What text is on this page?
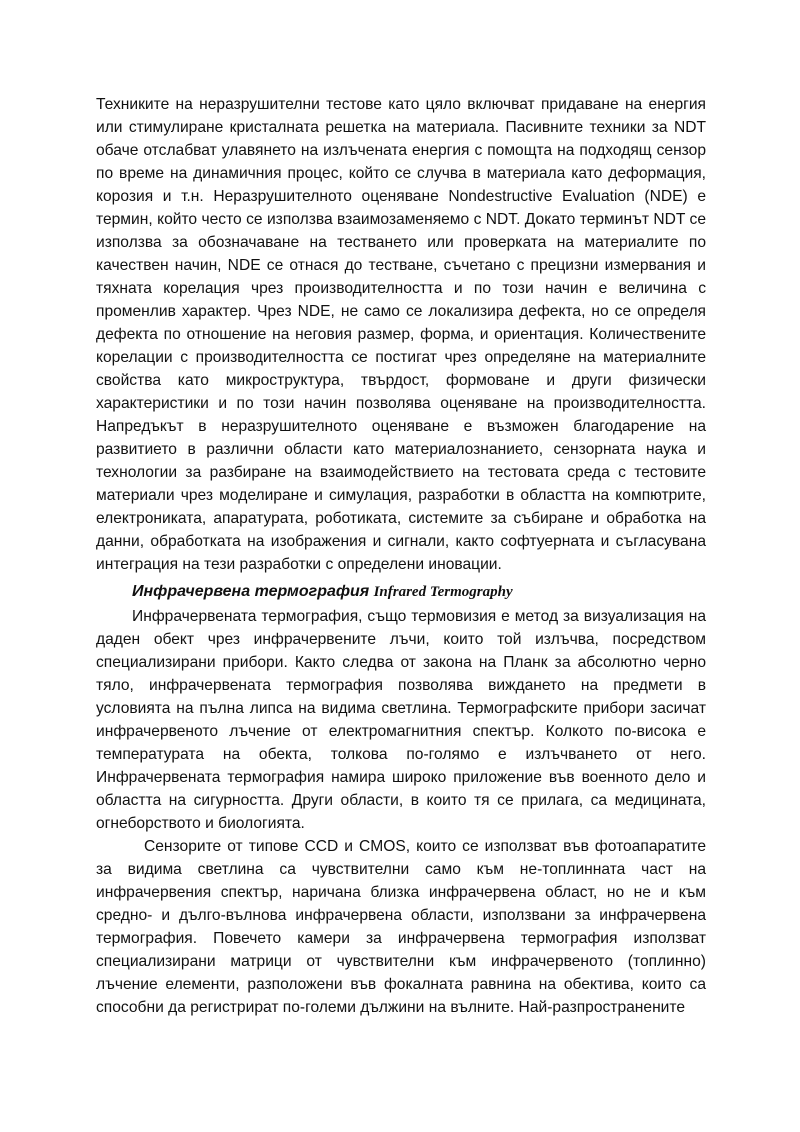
Техниките на неразрушителни тестове като цяло включват придаване на енергия или стимулиране кристалната решетка на материала. Пасивните техники за NDT обаче отслабват улавянето на излъчената енергия с помощта на подходящ сензор по време на динамичния процес, който се случва в материала като деформация, корозия и т.н. Неразрушителното оценяване Nondestructive Evaluation (NDE) е термин, който често се използва взаимозаменяемо с NDT. Докато терминът NDT се използва за обозначаване на тестването или проверката на материалите по качествен начин, NDE се отнася до тестване, съчетано с прецизни измервания и тяхната корелация чрез производителността и по този начин е величина с променлив характер. Чрез NDE, не само се локализира дефекта, но се определя дефекта по отношение на неговия размер, форма, и ориентация. Количествените корелации с производителността се постигат чрез определяне на материалните свойства като микроструктура, твърдост, формоване и други физически характеристики и по този начин позволява оценяване на производителността. Напредъкът в неразрушителното оценяване е възможен благодарение на развитието в различни области като материалознанието, сензорната наука и технологии за разбиране на взаимодействието на тестовата среда с тестовите материали чрез моделиране и симулация, разработки в областта на компютрите, електрониката, апаратурата, роботиката, системите за събиране и обработка на данни, обработката на изображения и сигнали, както софтуерната и съгласувана интеграция на тези разработки с определени иновации.

Инфрачервена термография Infrared Termography

Инфрачервената термография, също термовизия е метод за визуализация на даден обект чрез инфрачервените лъчи, които той излъчва, посредством специализирани прибори. Както следва от закона на Планк за абсолютно черно тяло, инфрачервената термография позволява виждането на предмети в условията на пълна липса на видима светлина. Термографските прибори засичат инфрачервеното лъчение от електромагнитния спектър. Колкото по-висока е температурата на обекта, толкова по-голямо е излъчването от него. Инфрачервената термография намира широко приложение във военното дело и областта на сигурността. Други области, в които тя се прилага, са медицината, огнеборството и биологията.

Сензорите от типове CCD и CMOS, които се използват във фотоапаратите за видима светлина са чувствителни само към не-топлинната част на инфрачервения спектър, наричана близка инфрачервена област, но не и към средно- и дълго-вълнова инфрачервена области, използвани за инфрачервена термография. Повечето камери за инфрачервена термография използват специализирани матрици от чувствителни към инфрачервеното (топлинно) лъчение елементи, разположени във фокалната равнина на обектива, които са способни да регистрират по-големи дължини на вълните. Най-разпространените
